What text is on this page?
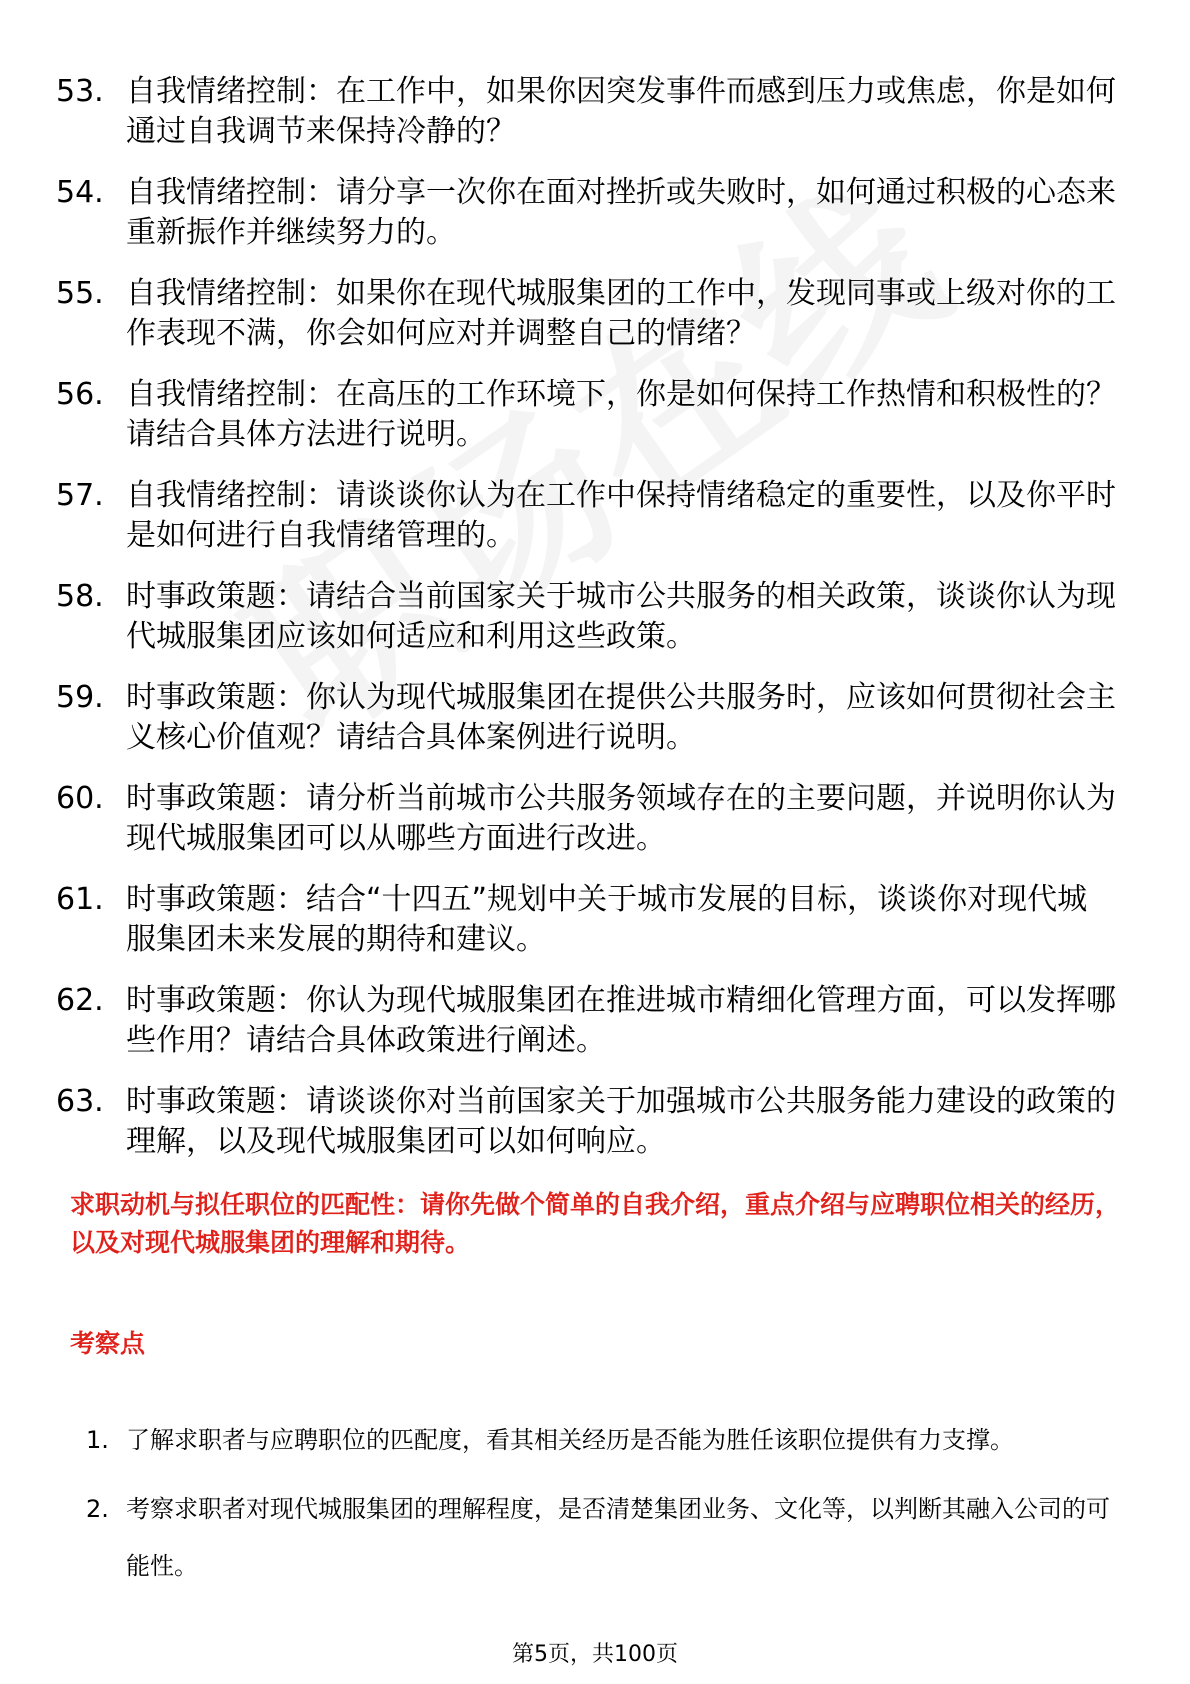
53. 自我情绪控制：在工作中，如果你因突发事件而感到压力或焦虑，你是如何通过自我调节来保持冷静的？
54. 自我情绪控制：请分享一次你在面对挫折或失败时，如何通过积极的心态来重新振作并继续努力的。
55. 自我情绪控制：如果你在现代城服集团的工作中，发现同事或上级对你的工作表现不满，你会如何应对并调整自己的情绪？
56. 自我情绪控制：在高压的工作环境下，你是如何保持工作热情和积极性的？请结合具体方法进行说明。
57. 自我情绪控制：请谈谈你认为在工作中保持情绪稳定的重要性，以及你平时是如何进行自我情绪管理的。
58. 时事政策题：请结合当前国家关于城市公共服务的相关政策，谈谈你认为现代城服集团应该如何适应和利用这些政策。
59. 时事政策题：你认为现代城服集团在提供公共服务时，应该如何贯彻社会主义核心价值观？请结合具体案例进行说明。
60. 时事政策题：请分析当前城市公共服务领域存在的主要问题，并说明你认为现代城服集团可以从哪些方面进行改进。
61. 时事政策题：结合“十四五”规划中关于城市发展的目标，谈谈你对现代城服集团未来发展的期待和建议。
62. 时事政策题：你认为现代城服集团在推进城市精细化管理方面，可以发挥哪些作用？请结合具体政策进行阐述。
63. 时事政策题：请谈谈你对当前国家关于加强城市公共服务能力建设的政策的理解，以及现代城服集团可以如何响应。

求职动机与拟任职位的匹配性：请你先做个简单的自我介绍，重点介绍与应聘职位相关的经历，以及对现代城服集团的理解和期待。

考察点

1. 了解求职者与应聘职位的匹配度，看其相关经历是否能为胜任该职位提供有力支撑。
2. 考察求职者对现代城服集团的理解程度，是否清楚集团业务、文化等，以判断其融入公司的可能性。
第5页，共100页
